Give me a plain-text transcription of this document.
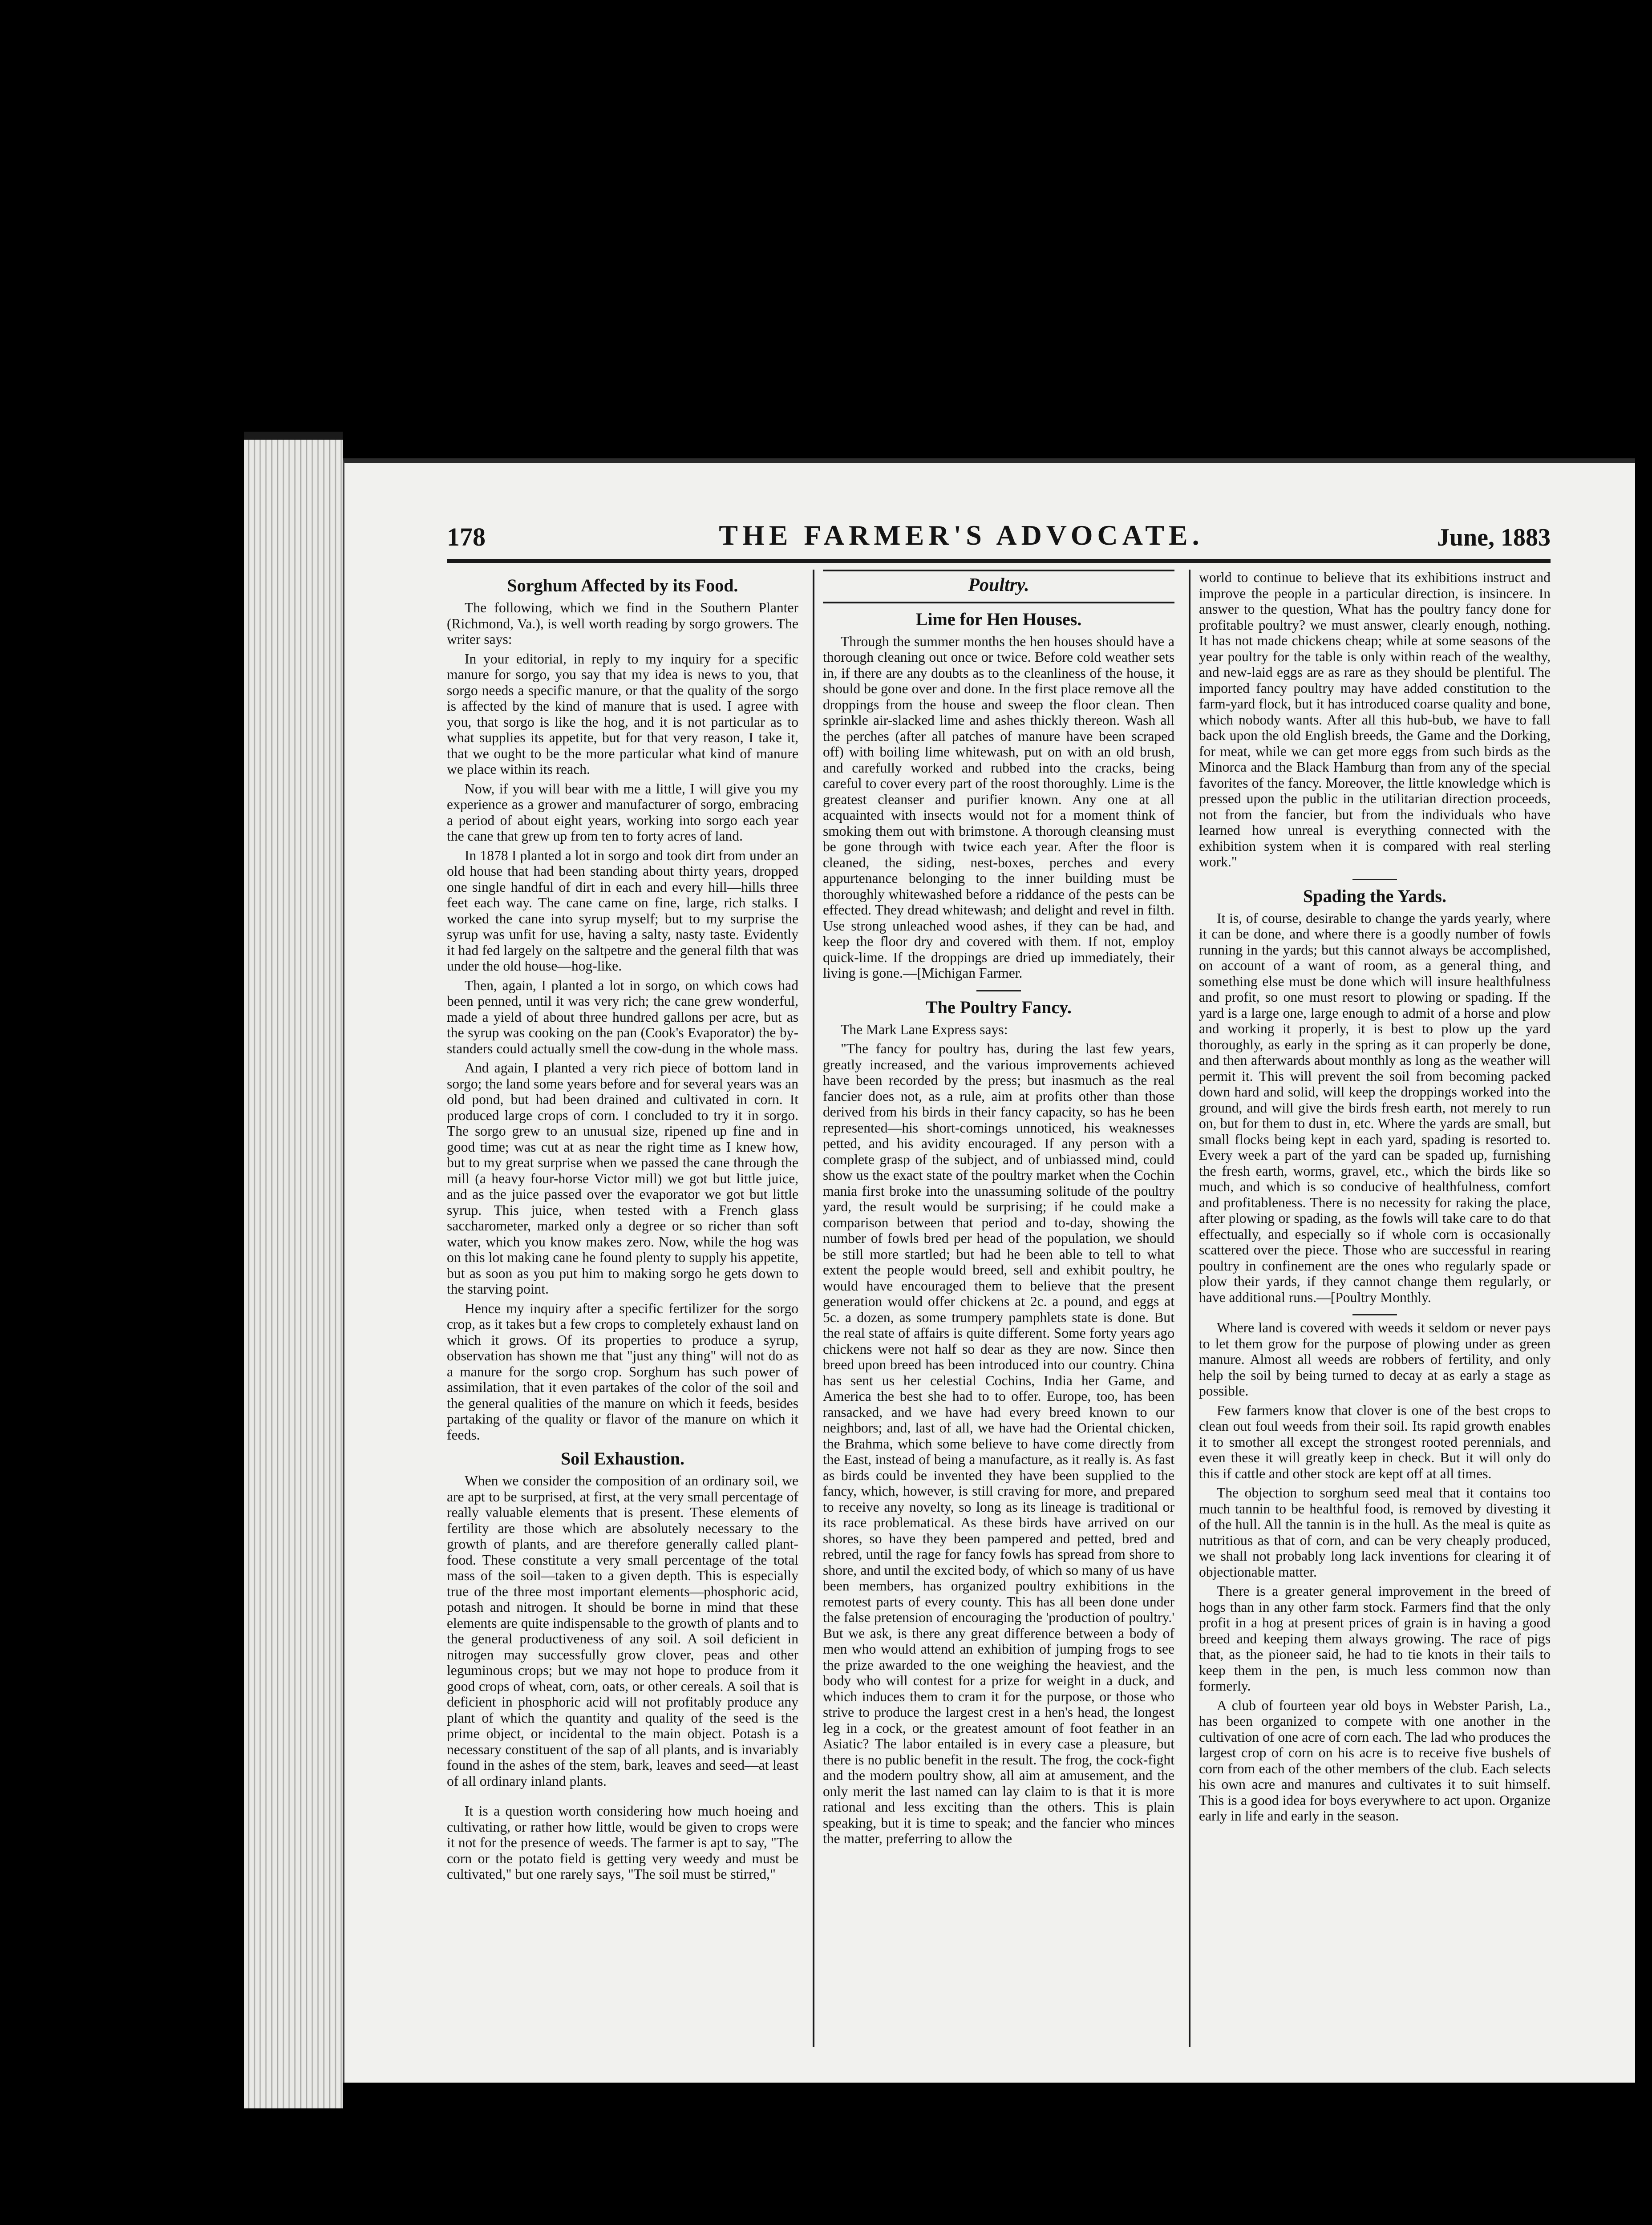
178	THE FARMER'S ADVOCATE.	June, 1883
Sorghum Affected by its Food.

The following, which we find in the Southern Planter (Richmond, Va.), is well worth reading by sorgo growers. The writer says:

In your editorial, in reply to my inquiry for a specific manure for sorgo, you say that my idea is news to you, that sorgo needs a specific manure, or that the quality of the sorgo is affected by the kind of manure that is used. I agree with you, that sorgo is like the hog, and it is not particular as to what supplies its appetite, but for that very reason, I take it, that we ought to be the more particular what kind of manure we place within its reach.

Now, if you will bear with me a little, I will give you my experience as a grower and manufacturer of sorgo, embracing a period of about eight years, working into sorgo each year the cane that grew up from ten to forty acres of land.

In 1878 I planted a lot in sorgo and took dirt from under an old house that had been standing about thirty years, dropped one single handful of dirt in each and every hill—hills three feet each way. The cane came on fine, large, rich stalks. I worked the cane into syrup myself; but to my surprise the syrup was unfit for use, having a salty, nasty taste. Evidently it had fed largely on the saltpetre and the general filth that was under the old house—hog-like.

Then, again, I planted a lot in sorgo, on which cows had been penned, until it was very rich; the cane grew wonderful, made a yield of about three hundred gallons per acre, but as the syrup was cooking on the pan (Cook's Evaporator) the by-standers could actually smell the cow-dung in the whole mass.

And again, I planted a very rich piece of bottom land in sorgo; the land some years before and for several years was an old pond, but had been drained and cultivated in corn. It produced large crops of corn. I concluded to try it in sorgo. The sorgo grew to an unusual size, ripened up fine and in good time; was cut at as near the right time as I knew how, but to my great surprise when we passed the cane through the mill (a heavy four-horse Victor mill) we got but little juice, and as the juice passed over the evaporator we got but little syrup. This juice, when tested with a French glass saccharometer, marked only a degree or so richer than soft water, which you know makes zero. Now, while the hog was on this lot making cane he found plenty to supply his appetite, but as soon as you put him to making sorgo he gets down to the starving point.

Hence my inquiry after a specific fertilizer for the sorgo crop, as it takes but a few crops to completely exhaust land on which it grows. Of its properties to produce a syrup, observation has shown me that "just any thing" will not do as a manure for the sorgo crop. Sorghum has such power of assimilation, that it even partakes of the color of the soil and the general qualities of the manure on which it feeds, besides partaking of the quality or flavor of the manure on which it feeds.

Soil Exhaustion.

When we consider the composition of an ordinary soil, we are apt to be surprised, at first, at the very small percentage of really valuable elements that is present. These elements of fertility are those which are absolutely necessary to the growth of plants, and are therefore generally called plant-food. These constitute a very small percentage of the total mass of the soil—taken to a given depth. This is especially true of the three most important elements—phosphoric acid, potash and nitrogen. It should be borne in mind that these elements are quite indispensable to the growth of plants and to the general productiveness of any soil. A soil deficient in nitrogen may successfully grow clover, peas and other leguminous crops; but we may not hope to produce from it good crops of wheat, corn, oats, or other cereals. A soil that is deficient in phosphoric acid will not profitably produce any plant of which the quantity and quality of the seed is the prime object, or incidental to the main object. Potash is a necessary constituent of the sap of all plants, and is invariably found in the ashes of the stem, bark, leaves and seed—at least of all ordinary inland plants.

It is a question worth considering how much hoeing and cultivating, or rather how little, would be given to crops were it not for the presence of weeds. The farmer is apt to say, "The corn or the potato field is getting very weedy and must be cultivated," but one rarely says, "The soil must be stirred,"

Poultry.
Lime for Hen Houses.

Through the summer months the hen houses should have a thorough cleaning out once or twice. Before cold weather sets in, if there are any doubts as to the cleanliness of the house, it should be gone over and done. In the first place remove all the droppings from the house and sweep the floor clean. Then sprinkle air-slacked lime and ashes thickly thereon. Wash all the perches (after all patches of manure have been scraped off) with boiling lime whitewash, put on with an old brush, and carefully worked and rubbed into the cracks, being careful to cover every part of the roost thoroughly. Lime is the greatest cleanser and purifier known. Any one at all acquainted with insects would not for a moment think of smoking them out with brimstone. A thorough cleansing must be gone through with twice each year. After the floor is cleaned, the siding, nest-boxes, perches and every appurtenance belonging to the inner building must be thoroughly whitewashed before a riddance of the pests can be effected. They dread whitewash; and delight and revel in filth. Use strong unleached wood ashes, if they can be had, and keep the floor dry and covered with them. If not, employ quick-lime. If the droppings are dried up immediately, their living is gone.—[Michigan Farmer.

The Poultry Fancy.

The Mark Lane Express says:

"The fancy for poultry has, during the last few years, greatly increased, and the various improvements achieved have been recorded by the press; but inasmuch as the real fancier does not, as a rule, aim at profits other than those derived from his birds in their fancy capacity, so has he been represented—his short-comings unnoticed, his weaknesses petted, and his avidity encouraged. If any person with a complete grasp of the subject, and of unbiassed mind, could show us the exact state of the poultry market when the Cochin mania first broke into the unassuming solitude of the poultry yard, the result would be surprising; if he could make a comparison between that period and to-day, showing the number of fowls bred per head of the population, we should be still more startled; but had he been able to tell to what extent the people would breed, sell and exhibit poultry, he would have encouraged them to believe that the present generation would offer chickens at 2c. a pound, and eggs at 5c. a dozen, as some trumpery pamphlets state is done. But the real state of affairs is quite different. Some forty years ago chickens were not half so dear as they are now. Since then breed upon breed has been introduced into our country. China has sent us her celestial Cochins, India her Game, and America the best she had to to offer. Europe, too, has been ransacked, and we have had every breed known to our neighbors; and, last of all, we have had the Oriental chicken, the Brahma, which some believe to have come directly from the East, instead of being a manufacture, as it really is. As fast as birds could be invented they have been supplied to the fancy, which, however, is still craving for more, and prepared to receive any novelty, so long as its lineage is traditional or its race problematical. As these birds have arrived on our shores, so have they been pampered and petted, bred and rebred, until the rage for fancy fowls has spread from shore to shore, and until the excited body, of which so many of us have been members, has organized poultry exhibitions in the remotest parts of every county. This has all been done under the false pretension of encouraging the 'production of poultry.' But we ask, is there any great difference between a body of men who would attend an exhibition of jumping frogs to see the prize awarded to the one weighing the heaviest, and the body who will contest for a prize for weight in a duck, and which induces them to cram it for the purpose, or those who strive to produce the largest crest in a hen's head, the longest leg in a cock, or the greatest amount of foot feather in an Asiatic? The labor entailed is in every case a pleasure, but there is no public benefit in the result. The frog, the cock-fight and the modern poultry show, all aim at amusement, and the only merit the last named can lay claim to is that it is more rational and less exciting than the others. This is plain speaking, but it is time to speak; and the fancier who minces the matter, preferring to allow the

world to continue to believe that its exhibitions instruct and improve the people in a particular direction, is insincere. In answer to the question, What has the poultry fancy done for profitable poultry? we must answer, clearly enough, nothing. It has not made chickens cheap; while at some seasons of the year poultry for the table is only within reach of the wealthy, and new-laid eggs are as rare as they should be plentiful. The imported fancy poultry may have added constitution to the farm-yard flock, but it has introduced coarse quality and bone, which nobody wants. After all this hub-bub, we have to fall back upon the old English breeds, the Game and the Dorking, for meat, while we can get more eggs from such birds as the Minorca and the Black Hamburg than from any of the special favorites of the fancy. Moreover, the little knowledge which is pressed upon the public in the utilitarian direction proceeds, not from the fancier, but from the individuals who have learned how unreal is everything connected with the exhibition system when it is compared with real sterling work."

Spading the Yards.

It is, of course, desirable to change the yards yearly, where it can be done, and where there is a goodly number of fowls running in the yards; but this cannot always be accomplished, on account of a want of room, as a general thing, and something else must be done which will insure healthfulness and profit, so one must resort to plowing or spading. If the yard is a large one, large enough to admit of a horse and plow and working it properly, it is best to plow up the yard thoroughly, as early in the spring as it can properly be done, and then afterwards about monthly as long as the weather will permit it. This will prevent the soil from becoming packed down hard and solid, will keep the droppings worked into the ground, and will give the birds fresh earth, not merely to run on, but for them to dust in, etc. Where the yards are small, but small flocks being kept in each yard, spading is resorted to. Every week a part of the yard can be spaded up, furnishing the fresh earth, worms, gravel, etc., which the birds like so much, and which is so conducive of healthfulness, comfort and profitableness. There is no necessity for raking the place, after plowing or spading, as the fowls will take care to do that effectually, and especially so if whole corn is occasionally scattered over the piece. Those who are successful in rearing poultry in confinement are the ones who regularly spade or plow their yards, if they cannot change them regularly, or have additional runs.—[Poultry Monthly.

Where land is covered with weeds it seldom or never pays to let them grow for the purpose of plowing under as green manure. Almost all weeds are robbers of fertility, and only help the soil by being turned to decay at as early a stage as possible.

Few farmers know that clover is one of the best crops to clean out foul weeds from their soil. Its rapid growth enables it to smother all except the strongest rooted perennials, and even these it will greatly keep in check. But it will only do this if cattle and other stock are kept off at all times.

The objection to sorghum seed meal that it contains too much tannin to be healthful food, is removed by divesting it of the hull. All the tannin is in the hull. As the meal is quite as nutritious as that of corn, and can be very cheaply produced, we shall not probably long lack inventions for clearing it of objectionable matter.

There is a greater general improvement in the breed of hogs than in any other farm stock. Farmers find that the only profit in a hog at present prices of grain is in having a good breed and keeping them always growing. The race of pigs that, as the pioneer said, he had to tie knots in their tails to keep them in the pen, is much less common now than formerly.

A club of fourteen year old boys in Webster Parish, La., has been organized to compete with one another in the cultivation of one acre of corn each. The lad who produces the largest crop of corn on his acre is to receive five bushels of corn from each of the other members of the club. Each selects his own acre and manures and cultivates it to suit himself. This is a good idea for boys everywhere to act upon. Organize early in life and early in the season.
